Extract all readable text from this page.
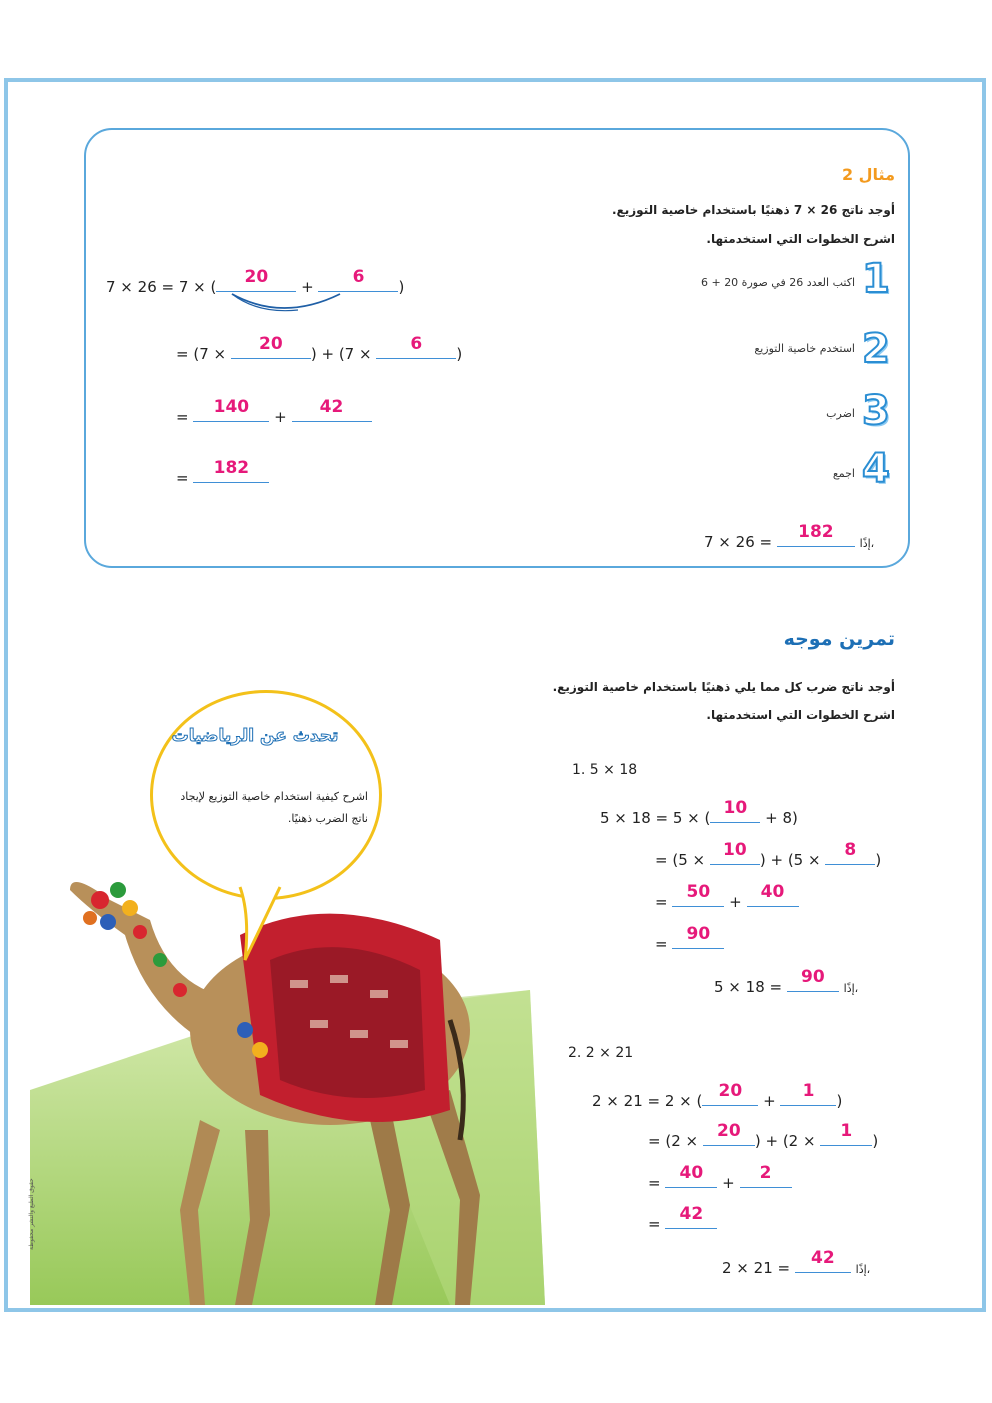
مثال 2
أوجد ناتج 26 × 7 ذهنيًا باستخدام خاصية التوزيع.
اشرح الخطوات التي استخدمتها.
1
اكتب العدد 26 في صورة 20 + 6
2
استخدم خاصية التوزيع
3
اضرب
4
اجمع
7 × 26 = 7 × (	20	+	6	)
= (7 ×	20	) + (7 ×	6	)
=	140	+	42
=	182
7 × 26 =	182
إذًا،
تمرين موجه
أوجد ناتج ضرب كل مما يلي ذهنيًا باستخدام خاصية التوزيع.
اشرح الخطوات التي استخدمتها.
1. 5 × 18
5 × 18 = 5 × ( 10	+ 8)
= (5 ×	10 ) + (5 ×	8	)
=	50	+	40
=	90
5 × 18 =	90
إذًا،
2. 2 × 21
2 × 21 = 2 × ( 20	+	1	)
= (2 ×	20 ) + (2 ×	1	)
=	40	+	2
=	42
2 × 21 =	42
إذًا،
تحدث عن الرياضيات
اشرح كيفية استخدام خاصية التوزيع لإيجاد ناتج الضرب ذهنيًا.
حقوق الطبع والنشر محفوظة
